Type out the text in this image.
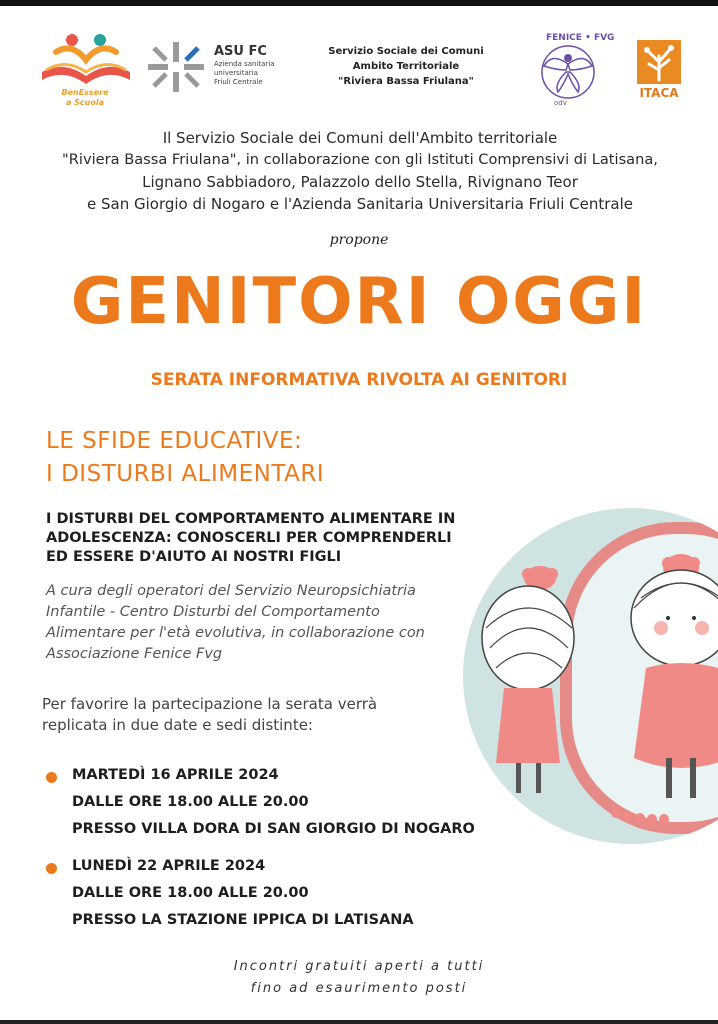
BenEssere
a Scuola
ASU FC
Azienda sanitaria
universitaria
Friuli Centrale
Servizio Sociale dei Comuni
Ambito Territoriale
"Riviera Bassa Friulana"
FENICE • FVG
odv
ITACA
Il Servizio Sociale dei Comuni dell'Ambito territoriale
"Riviera Bassa Friulana", in collaborazione con gli Istituti Comprensivi di Latisana,
Lignano Sabbiadoro, Palazzolo dello Stella, Rivignano Teor
e San Giorgio di Nogaro e l'Azienda Sanitaria Universitaria Friuli Centrale
propone
GENITORI OGGI
SERATA INFORMATIVA RIVOLTA AI GENITORI
LE SFIDE EDUCATIVE:
I DISTURBI ALIMENTARI
I DISTURBI DEL COMPORTAMENTO ALIMENTARE IN
ADOLESCENZA: CONOSCERLI PER COMPRENDERLI
ED ESSERE D'AIUTO AI NOSTRI FIGLI
A cura degli operatori del Servizio Neuropsichiatria
Infantile - Centro Disturbi del Comportamento
Alimentare per l'età evolutiva, in collaborazione con
Associazione Fenice Fvg
Per favorire la partecipazione la serata verrà
replicata in due date e sedi distinte:
MARTEDÌ 16 APRILE 2024
DALLE ORE 18.00 ALLE 20.00
PRESSO VILLA DORA DI SAN GIORGIO DI NOGARO
LUNEDÌ 22 APRILE 2024
DALLE ORE 18.00 ALLE 20.00
PRESSO LA STAZIONE IPPICA DI LATISANA
Incontri gratuiti aperti a tutti
fino ad esaurimento posti
